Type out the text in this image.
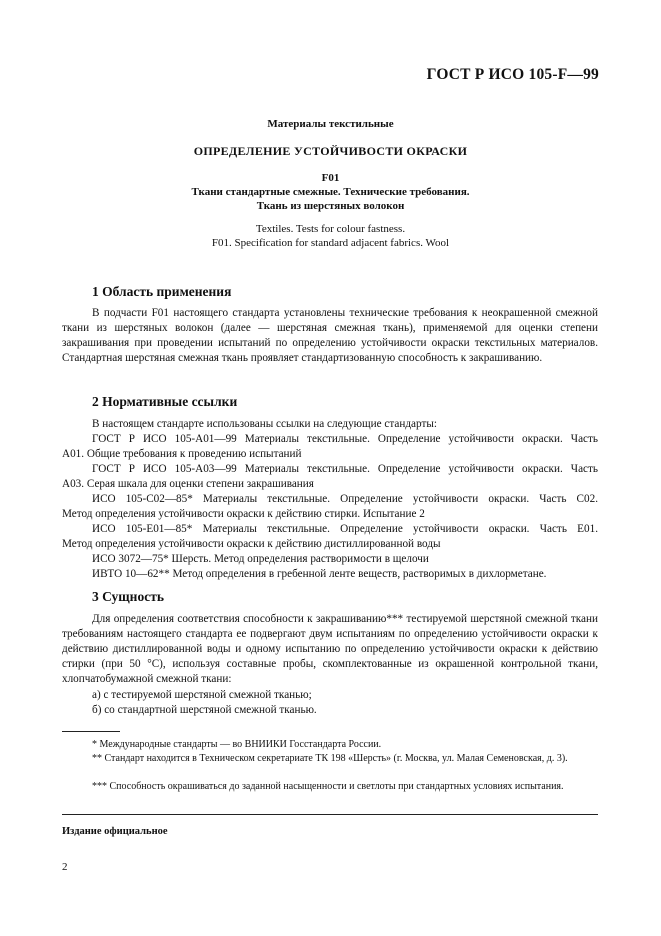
ГОСТ Р ИСО 105-F—99
Материалы текстильные
ОПРЕДЕЛЕНИЕ УСТОЙЧИВОСТИ ОКРАСКИ
F01
Ткани стандартные смежные. Технические требования.
Ткань из шерстяных волокон
Textiles. Tests for colour fastness.
F01. Specification for standard adjacent fabrics. Wool
1 Область применения

В подчасти F01 настоящего стандарта установлены технические требования к неокрашенной смежной ткани из шерстяных волокон (далее — шерстяная смежная ткань), применяемой для оценки степени закрашивания при проведении испытаний по определению устойчивости окраски текстильных материалов. Стандартная шерстяная смежная ткань проявляет стандартизованную способность к закрашиванию.

2 Нормативные ссылки

В настоящем стандарте использованы ссылки на следующие стандарты:

ГОСТ Р ИСО 105-А01—99 Материалы текстильные. Определение устойчивости окраски. Часть

А01. Общие требования к проведению испытаний

ГОСТ Р ИСО 105-А03—99 Материалы текстильные. Определение устойчивости окраски. Часть

А03. Серая шкала для оценки степени закрашивания

ИСО 105-С02—85* Материалы текстильные. Определение устойчивости окраски. Часть С02.

Метод определения устойчивости окраски к действию стирки. Испытание 2

ИСО 105-Е01—85* Материалы текстильные. Определение устойчивости окраски. Часть Е01.

Метод определения устойчивости окраски к действию дистиллированной воды

ИСО 3072—75* Шерсть. Метод определения растворимости в щелочи

ИВТО 10—62** Метод определения в гребенной ленте веществ, растворимых в дихлорметане.

3 Сущность

Для определения соответствия способности к закрашиванию*** тестируемой шерстяной смежной ткани требованиям настоящего стандарта ее подвергают двум испытаниям по определению устойчивости окраски к действию дистиллированной воды и одному испытанию по определению устойчивости окраски к действию стирки (при 50 °С), используя составные пробы, скомплектованные из окрашенной контрольной ткани, хлопчатобумажной смежной ткани:

а) с тестируемой шерстяной смежной тканью;

б) со стандартной шерстяной смежной тканью.

* Международные стандарты — во ВНИИКИ Госстандарта России.

** Стандарт находится в Техническом секретариате ТК 198 «Шерсть» (г. Москва, ул. Малая Семеновская, д. 3).

*** Способность окрашиваться до заданной насыщенности и светлоты при стандартных условиях испытания.

Издание официальное
2
